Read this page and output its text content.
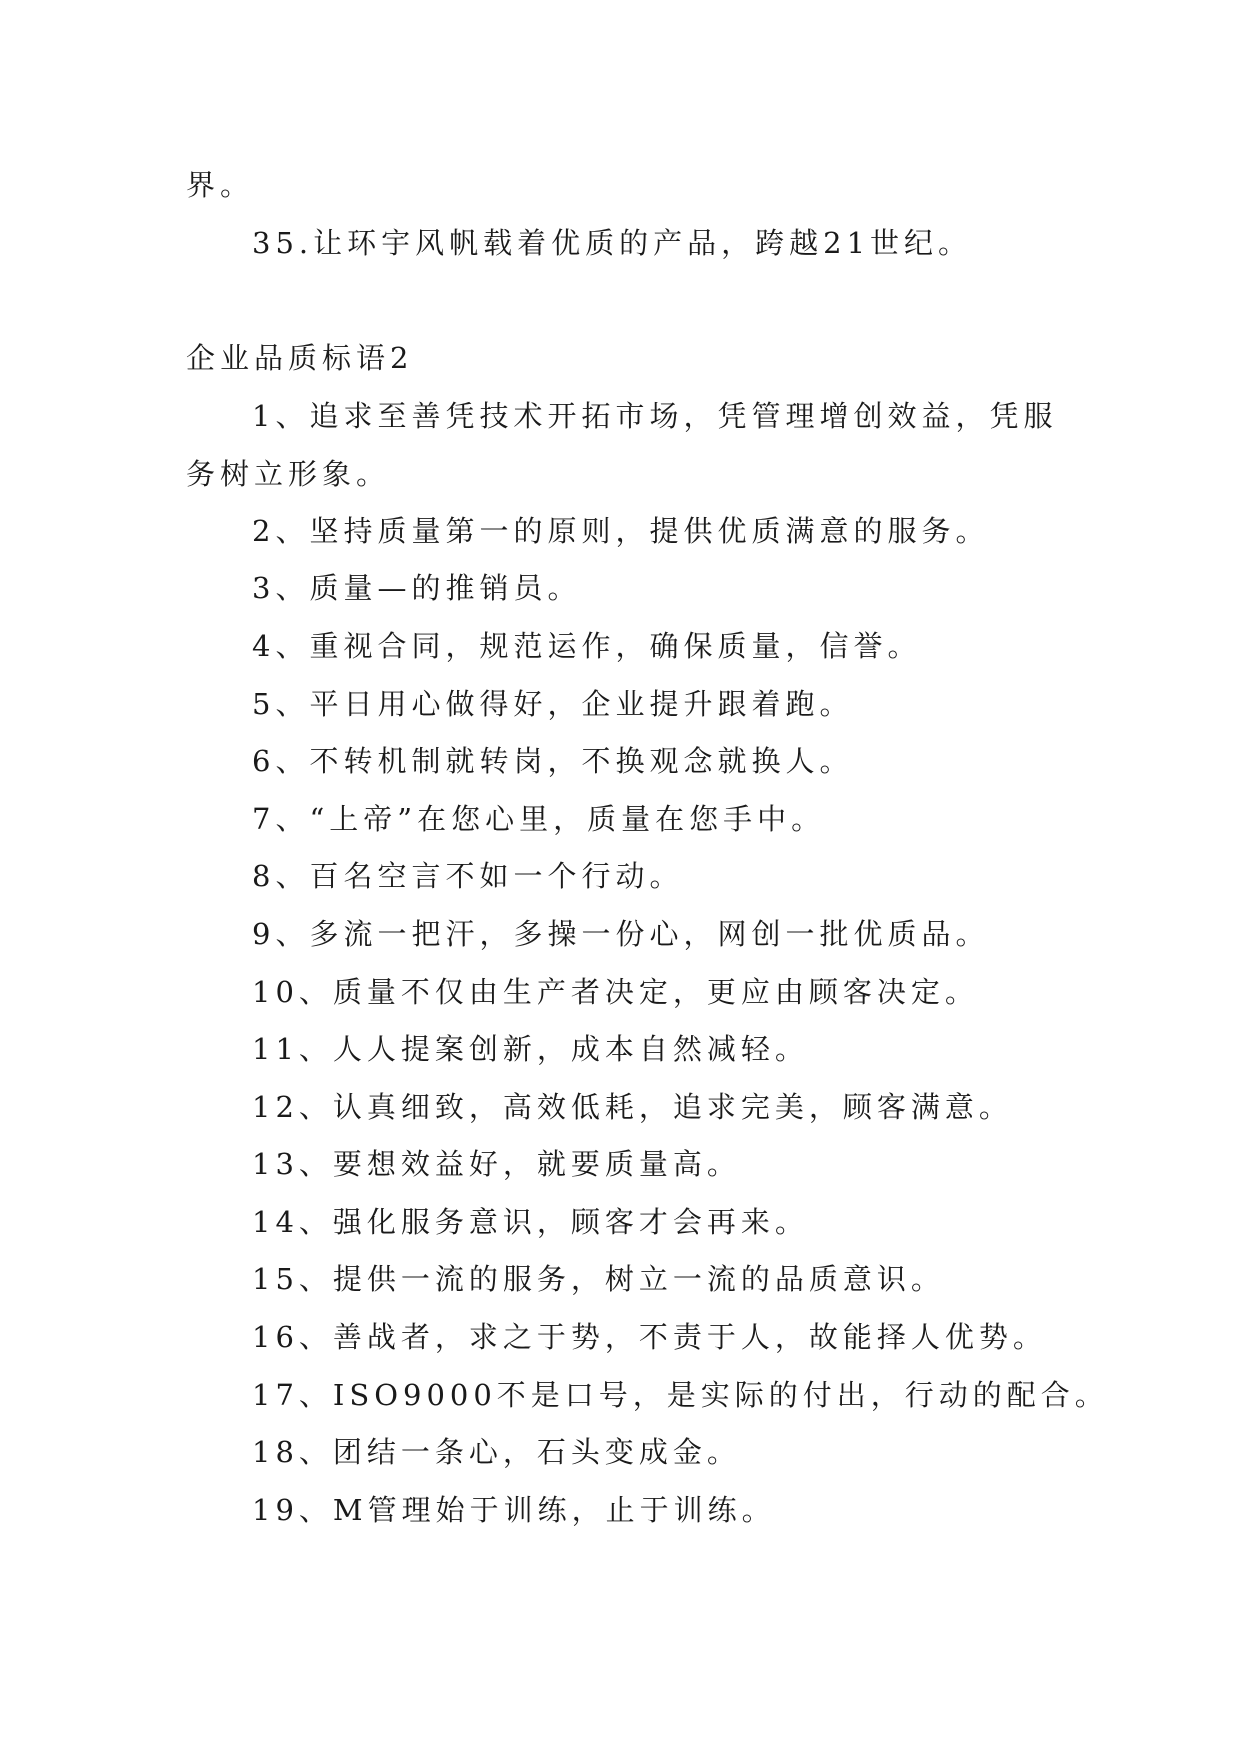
界。
35.让环宇风帆载着优质的产品，跨越21世纪。
企业品质标语2
1、追求至善凭技术开拓市场，凭管理增创效益，凭服
务树立形象。
2、坚持质量第一的原则，提供优质满意的服务。
3、质量—的推销员。
4、重视合同，规范运作，确保质量，信誉。
5、平日用心做得好，企业提升跟着跑。
6、不转机制就转岗，不换观念就换人。
7、“上帝”在您心里，质量在您手中。
8、百名空言不如一个行动。
9、多流一把汗，多操一份心，网创一批优质品。
10、质量不仅由生产者决定，更应由顾客决定。
11、人人提案创新，成本自然减轻。
12、认真细致，高效低耗，追求完美，顾客满意。
13、要想效益好，就要质量高。
14、强化服务意识，顾客才会再来。
15、提供一流的服务，树立一流的品质意识。
16、善战者，求之于势，不责于人，故能择人优势。
17、ISO9000不是口号，是实际的付出，行动的配合。
18、团结一条心，石头变成金。
19、M管理始于训练，止于训练。
